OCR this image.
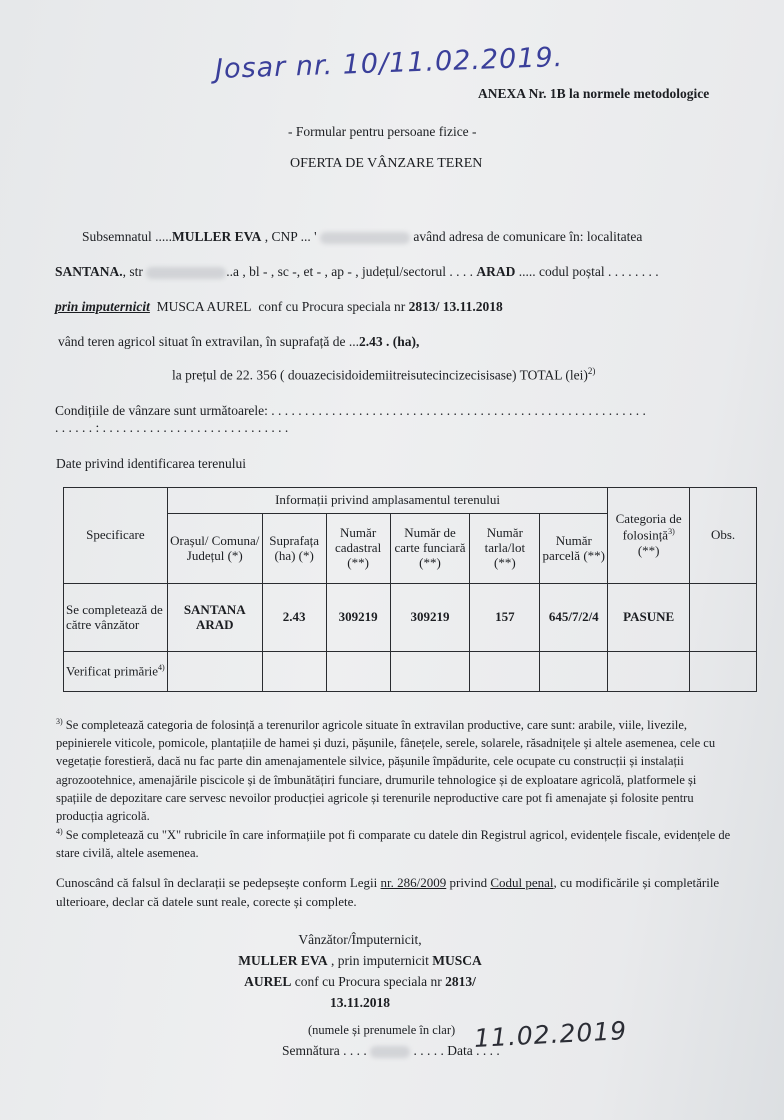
Josar nr. 10/11.02.2019.
ANEXA Nr. 1B la normele metodologice
- Formular pentru persoane fizice -
OFERTA DE VÂNZARE TEREN
Subsemnatul .....MULLER EVA , CNP ... '	având adresa de comunicare în: localitatea
SANTANA., str	..a , bl - , sc -, et - , ap - , județul/sectorul . . . . ARAD ..... codul poștal . . . . . . . .
prin imputernicit MUSCA AUREL conf cu Procura speciala nr 2813/ 13.11.2018
vând teren agricol situat în extravilan, în suprafață de ...2.43 . (ha),
la prețul de 22. 356 ( douazecisidoidemiitreisutecincizecisisase) TOTAL (lei)$^{2)}$
Condițiile de vânzare sunt următoarele: . . . . . . . . . . . . . . . . . . . . . . . . . . . . . . . . . . . . . . . . . . . . . . . . . . . . . . . .
. . . . . . : . . . . . . . . . . . . . . . . . . . . . . . . . . . .
Date privind identificarea terenului
Specificare	Informații privind amplasamentul terenului						Categoria de folosință$^{3)}$
(**)	Obs.
	Orașul/ Comuna/ Județul (*)	Suprafața (ha) (*)	Număr cadastral (**)	Număr de carte funciară (**)	Număr tarla/lot (**)	Număr parcelă (**)		
Se completează de către vânzător	SANTANA ARAD	2.43	309219	309219	157	645/7/2/4	PASUNE	
Verificat primărie$^{4)}$								
$^{3)}$ Se completează categoria de folosință a terenurilor agricole situate în extravilan productive, care sunt: arabile, viile, livezile, pepinierele viticole, pomicole, plantațiile de hamei și duzi, pășunile, fânețele, serele, solarele, răsadnițele și altele asemenea, cele cu vegetație forestieră, dacă nu fac parte din amenajamentele silvice, pășunile împădurite, cele ocupate cu construcții și instalații agrozootehnice, amenajările piscicole și de îmbunătățiri funciare, drumurile tehnologice și de exploatare agricolă, platformele și spațiile de depozitare care servesc nevoilor producției agricole și terenurile neproductive care pot fi amenajate și folosite pentru producția agricolă.
$^{4)}$ Se completează cu "X" rubricile în care informațiile pot fi comparate cu datele din Registrul agricol, evidențele fiscale, evidențele de stare civilă, altele asemenea.
Cunoscând că falsul în declarații se pedepsește conform Legii nr. 286/2009 privind Codul penal, cu modificările și completările ulterioare, declar că datele sunt reale, corecte și complete.
Vânzător/Împuternicit,
MULLER EVA , prin imputernicit MUSCA
AUREL conf cu Procura speciala nr 2813/
13.11.2018
(numele și prenumele în clar)
Semnătura . . . .	. . . . . Data . . . .
11.02.2019
